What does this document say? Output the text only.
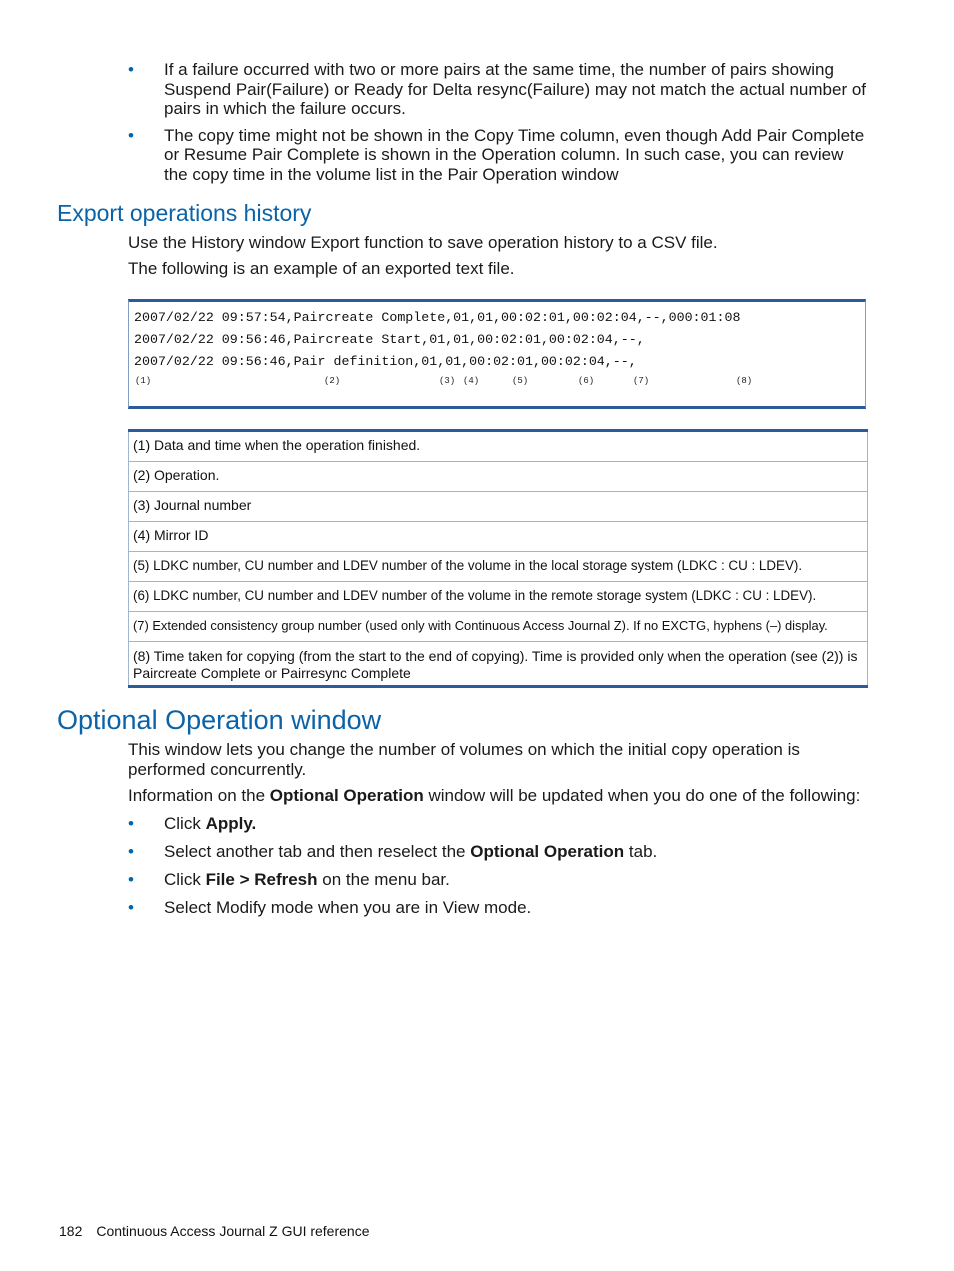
•	If a failure occurred with two or more pairs at the same time, the number of pairs showing Suspend Pair(Failure) or Ready for Delta resync(Failure) may not match the actual number of pairs in which the failure occurs.
•	The copy time might not be shown in the Copy Time column, even though Add Pair Complete or Resume Pair Complete is shown in the Operation column. In such case, you can review the copy time in the volume list in the Pair Operation window
Export operations history

Use the History window Export function to save operation history to a CSV file.

The following is an example of an exported text file.

2007/02/22 09:57:54,Paircreate Complete,01,01,00:02:01,00:02:04,--,000:01:08
2007/02/22 09:56:46,Paircreate Start,01,01,00:02:01,00:02:04,--,
2007/02/22 09:56:46,Pair definition,01,01,00:02:01,00:02:04,--,
(1)	(2)	(3) (4)	(5)	(6)	(7)	(8)
(1) Data and time when the operation finished.
(2) Operation.
(3) Journal number
(4) Mirror ID
(5) LDKC number, CU number and LDEV number of the volume in the local storage system (LDKC : CU : LDEV).
(6) LDKC number, CU number and LDEV number of the volume in the remote storage system (LDKC : CU : LDEV).
(7) Extended consistency group number (used only with Continuous Access Journal Z). If no EXCTG, hyphens (–) display.
(8) Time taken for copying (from the start to the end of copying). Time is provided only when the operation (see (2)) is Paircreate Complete or Pairresync Complete
Optional Operation window

This window lets you change the number of volumes on which the initial copy operation is performed concurrently.

Information on the Optional Operation window will be updated when you do one of the following:

•	Click Apply.
•	Select another tab and then reselect the Optional Operation tab.
•	Click File > Refresh on the menu bar.
•	Select Modify mode when you are in View mode.
182 Continuous Access Journal Z GUI reference
